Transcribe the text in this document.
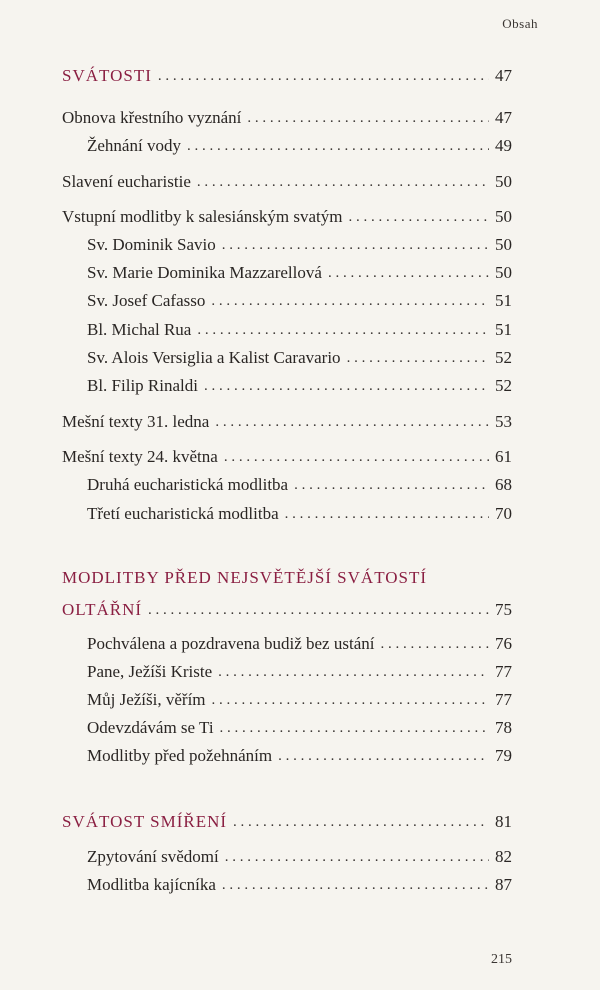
Obsah
SVÁTOSTI . . .	47
Obnova křestního vyznání . . .	47
Žehnání vody . . .	49
Slavení eucharistie . . .	50
Vstupní modlitby k salesiánským svatým . . .	50
Sv. Dominik Savio . . .	50
Sv. Marie Dominika Mazzarellová . . .	50
Sv. Josef Cafasso . . .	51
Bl. Michal Rua . . .	51
Sv. Alois Versiglia a Kalist Caravario . . .	52
Bl. Filip Rinaldi . . .	52
Mešní texty 31. ledna . . .	53
Mešní texty 24. května . . .	61
Druhá eucharistická modlitba . . .	68
Třetí eucharistická modlitba . . .	70
MODLITBY PŘED NEJSVĚTĚJŠÍ SVÁTOSTÍ
OLTÁŘNÍ . . .	75
Pochválena a pozdravena budiž bez ustání . . .	76
Pane, Ježíši Kriste . . .	77
Můj Ježíši, věřím . . .	77
Odevzdávám se Ti . . .	78
Modlitby před požehnáním . . .	79
SVÁTOST SMÍŘENÍ . . .	81
Zpytování svědomí . . .	82
Modlitba kajícníka . . .	87
215
